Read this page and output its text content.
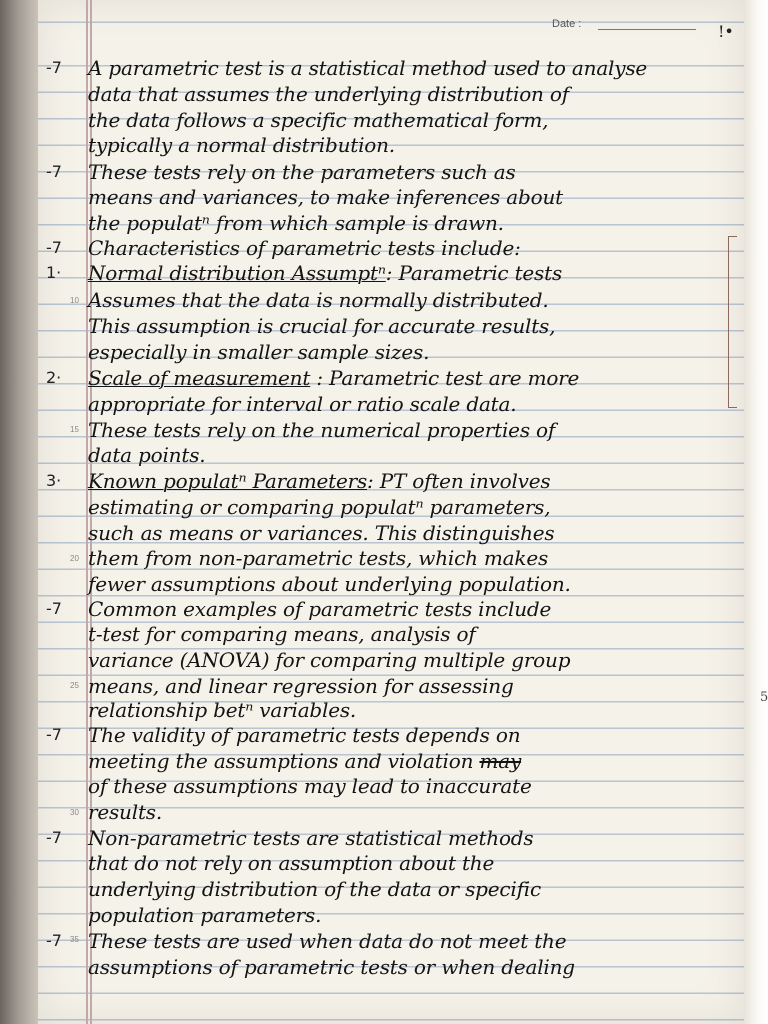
Date :	!•
5
10
15
20
25
30
35
-7
-7
-7
1·
2·
3·
-7
-7
-7
-7
A parametric test is a statistical method used to analyse
data that assumes the underlying distribution of
the data follows a specific mathematical form,
typically a normal distribution.
These tests rely on the parameters such as
means and variances, to make inferences about
the populatⁿ from which sample is drawn.
Characteristics of parametric tests include:
Normal distribution Assumptⁿ: Parametric tests
Assumes that the data is normally distributed.
This assumption is crucial for accurate results,
especially in smaller sample sizes.
Scale of measurement : Parametric test are more
appropriate for interval or ratio scale data.
These tests rely on the numerical properties of
data points.
Known populatⁿ Parameters: PT often involves
estimating or comparing populatⁿ parameters,
such as means or variances. This distinguishes
them from non-parametric tests, which makes
fewer assumptions about underlying population.
Common examples of parametric tests include
t-test for comparing means, analysis of
variance (ANOVA) for comparing multiple group
means, and linear regression for assessing
relationship betⁿ variables.
The validity of parametric tests depends on
meeting the assumptions and violation may
of these assumptions may lead to inaccurate
results.
Non-parametric tests are statistical methods
that do not rely on assumption about the
underlying distribution of the data or specific
population parameters.
These tests are used when data do not meet the
assumptions of parametric tests or when dealing
